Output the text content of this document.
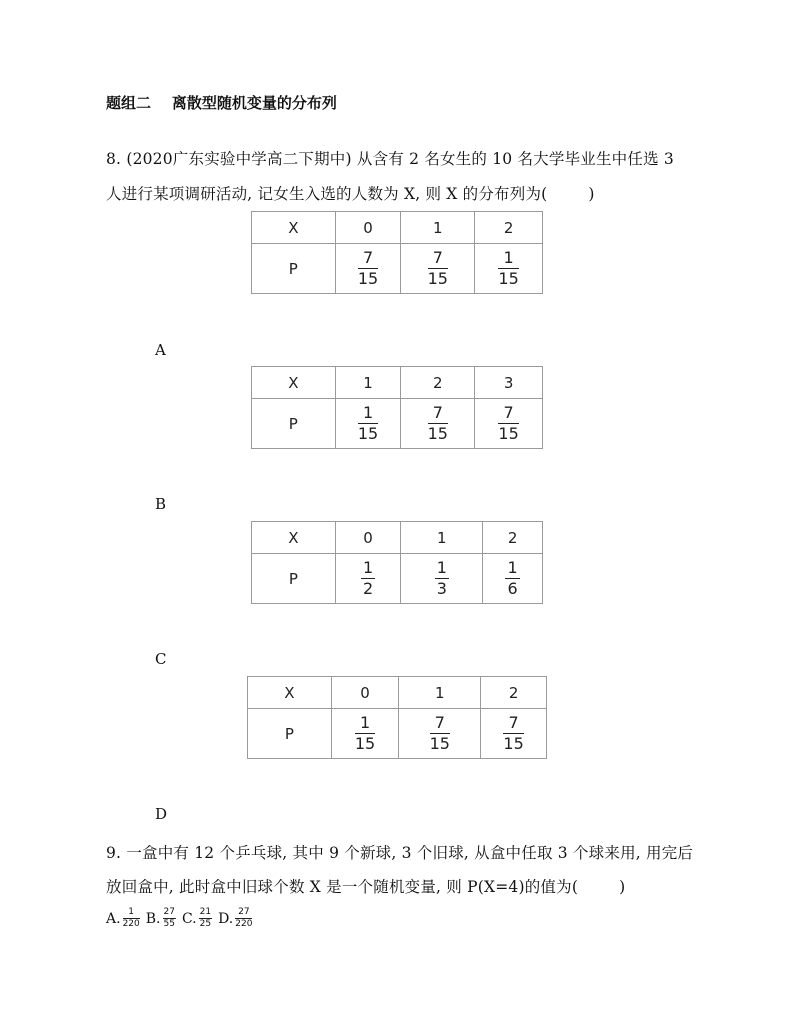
题组二    离散型随机变量的分布列
8. (2020广东实验中学高二下期中) 从含有 2 名女生的 10 名大学毕业生中任选 3
人进行某项调研活动, 记女生入选的人数为 X, 则 X 的分布列为(        )
X	0	1	2
P	$\frac{7}{15}$	$\frac{7}{15}$	$\frac{1}{15}$
A
X	1	2	3
P	$\frac{1}{15}$	$\frac{7}{15}$	$\frac{7}{15}$
B
X	0	1	2
P	$\frac{1}{2}$	$\frac{1}{3}$	$\frac{1}{6}$
C
X	0	1	2
P	$\frac{1}{15}$	$\frac{7}{15}$	$\frac{7}{15}$
D
9. 一盒中有 12 个乒乓球, 其中 9 个新球, 3 个旧球, 从盒中任取 3 个球来用, 用完后
放回盒中, 此时盒中旧球个数 X 是一个随机变量, 则 P(X=4)的值为(        )
A. $\frac{1}{220} B$. $\frac{27}{55} C$. $\frac{21}{25} D$. $\frac{27}{220}$
